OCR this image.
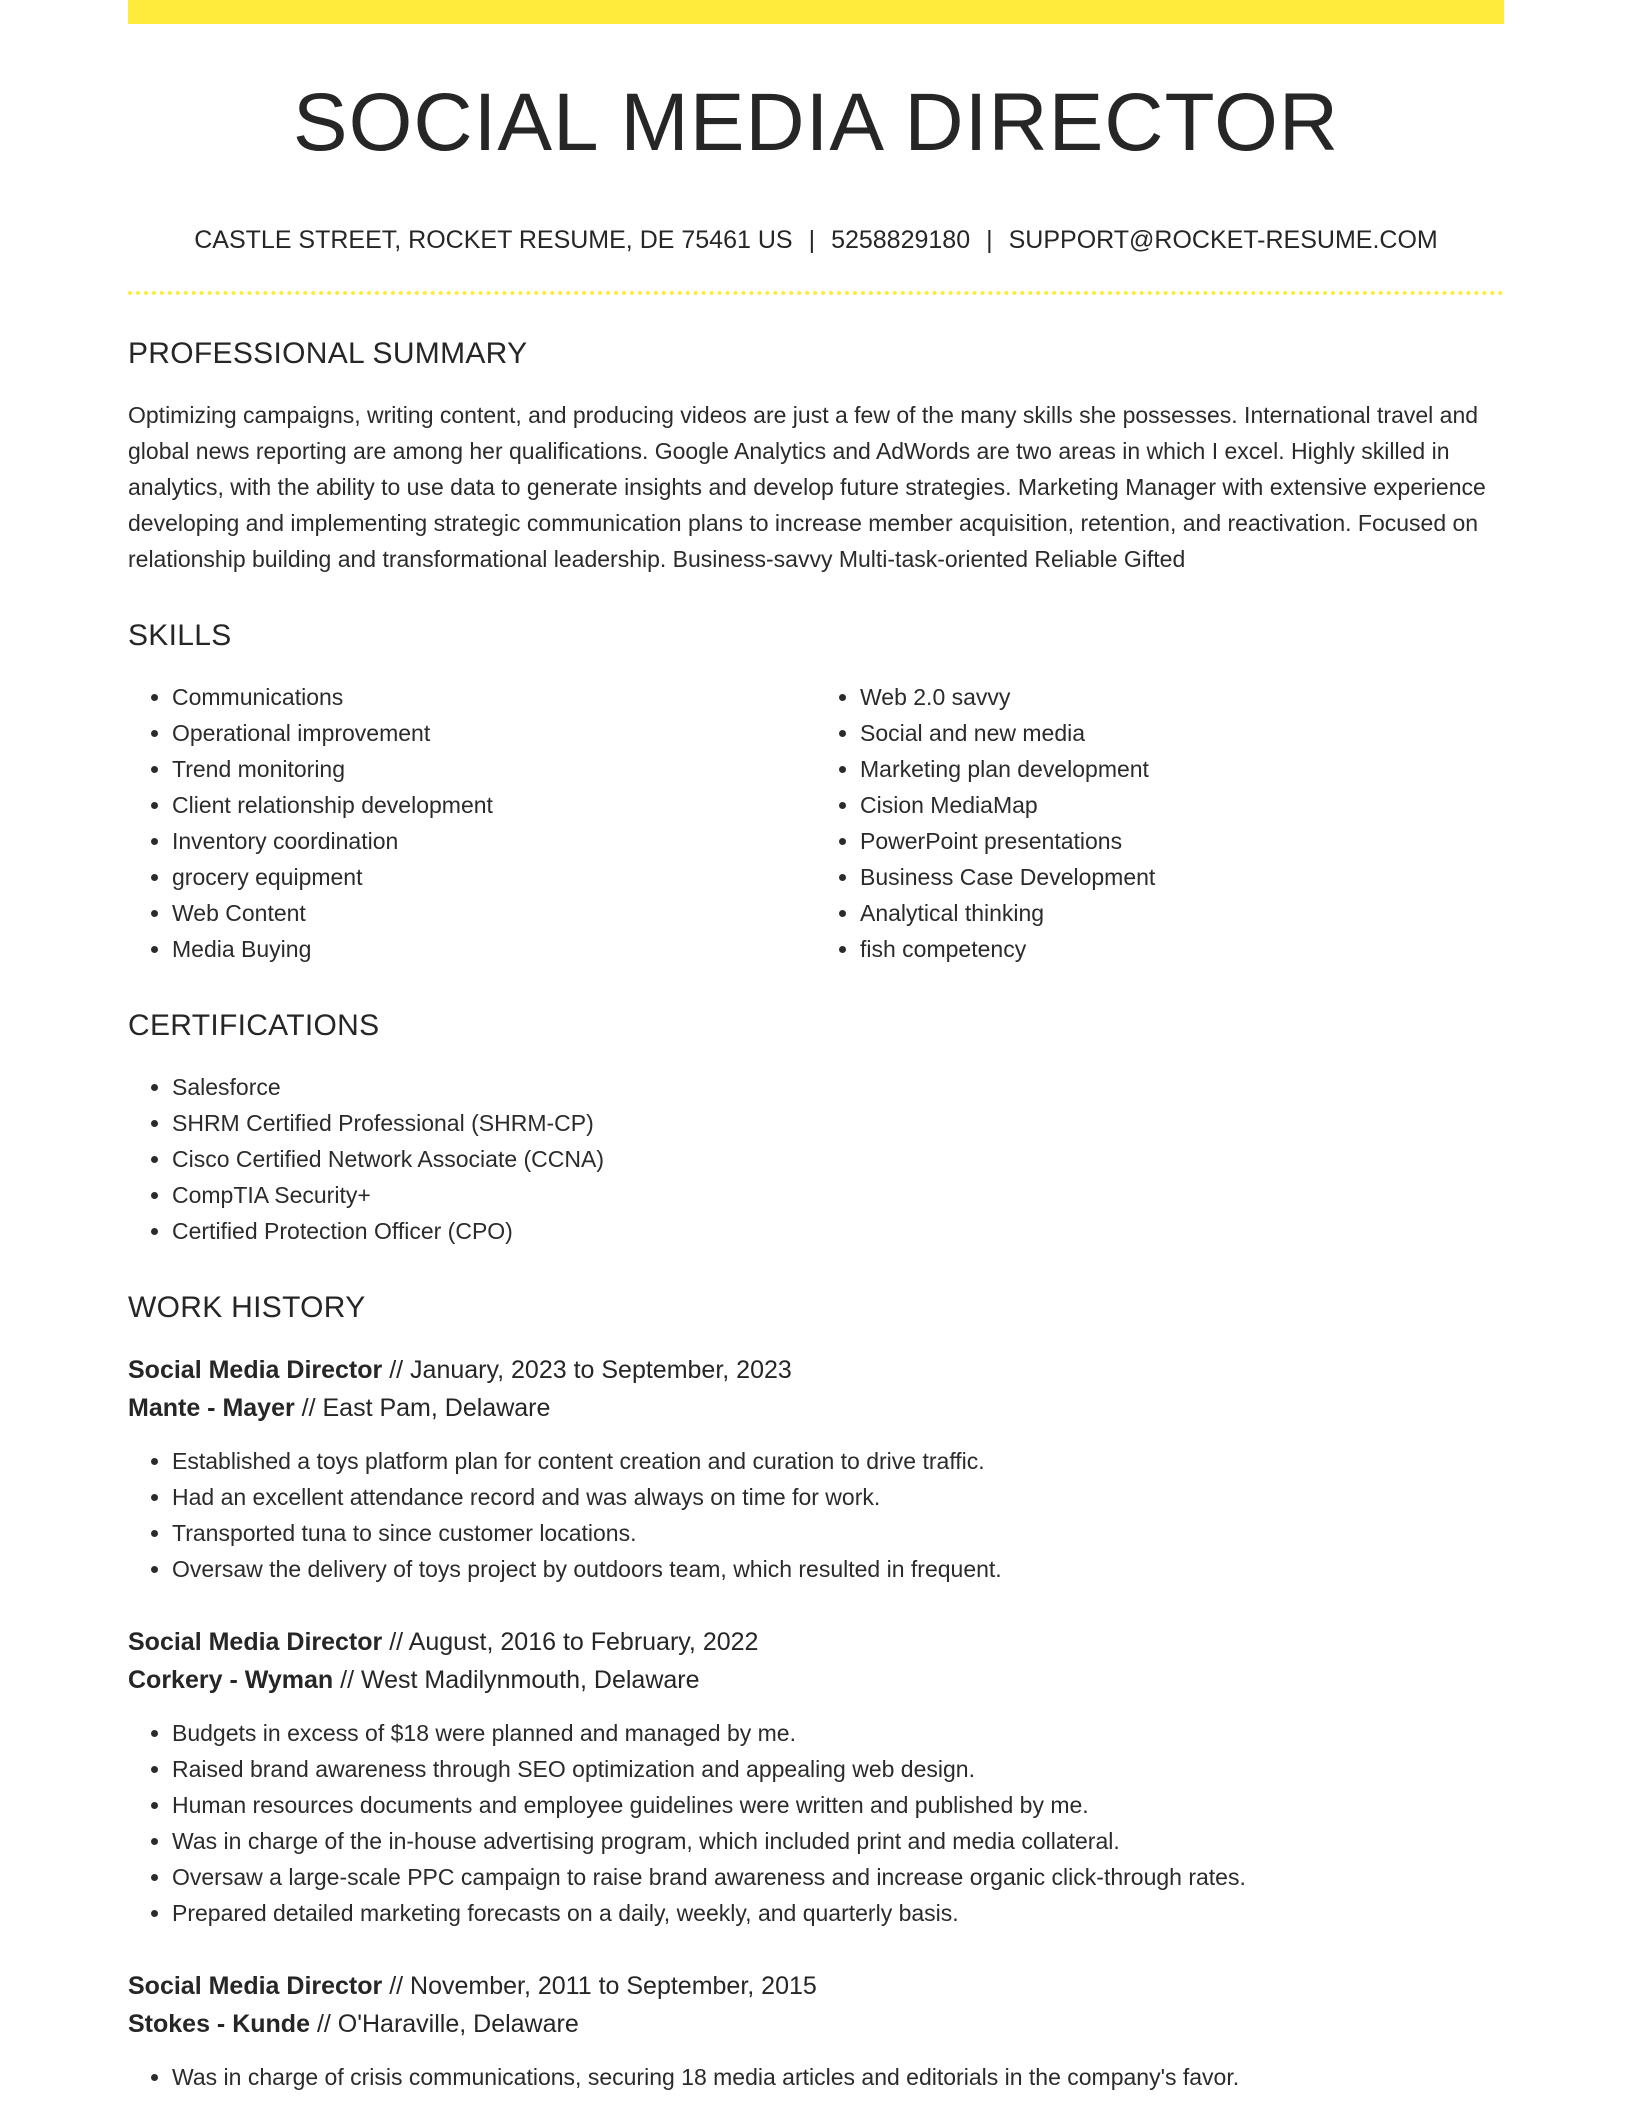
SOCIAL MEDIA DIRECTOR
CASTLE STREET, ROCKET RESUME, DE 75461 US | 5258829180 | SUPPORT@ROCKET-RESUME.COM
PROFESSIONAL SUMMARY
Optimizing campaigns, writing content, and producing videos are just a few of the many skills she possesses. International travel and global news reporting are among her qualifications. Google Analytics and AdWords are two areas in which I excel. Highly skilled in analytics, with the ability to use data to generate insights and develop future strategies. Marketing Manager with extensive experience developing and implementing strategic communication plans to increase member acquisition, retention, and reactivation. Focused on relationship building and transformational leadership. Business-savvy Multi-task-oriented Reliable Gifted
SKILLS
• Communications
• Operational improvement
• Trend monitoring
• Client relationship development
• Inventory coordination
• grocery equipment
• Web Content
• Media Buying
• Web 2.0 savvy
• Social and new media
• Marketing plan development
• Cision MediaMap
• PowerPoint presentations
• Business Case Development
• Analytical thinking
• fish competency
CERTIFICATIONS
• Salesforce
• SHRM Certified Professional (SHRM-CP)
• Cisco Certified Network Associate (CCNA)
• CompTIA Security+
• Certified Protection Officer (CPO)
WORK HISTORY
Social Media Director // January, 2023 to September, 2023
Mante - Mayer // East Pam, Delaware
• Established a toys platform plan for content creation and curation to drive traffic.
• Had an excellent attendance record and was always on time for work.
• Transported tuna to since customer locations.
• Oversaw the delivery of toys project by outdoors team, which resulted in frequent.
Social Media Director // August, 2016 to February, 2022
Corkery - Wyman // West Madilynmouth, Delaware
• Budgets in excess of $18 were planned and managed by me.
• Raised brand awareness through SEO optimization and appealing web design.
• Human resources documents and employee guidelines were written and published by me.
• Was in charge of the in-house advertising program, which included print and media collateral.
• Oversaw a large-scale PPC campaign to raise brand awareness and increase organic click-through rates.
• Prepared detailed marketing forecasts on a daily, weekly, and quarterly basis.
Social Media Director // November, 2011 to September, 2015
Stokes - Kunde // O'Haraville, Delaware
• Was in charge of crisis communications, securing 18 media articles and editorials in the company's favor.
